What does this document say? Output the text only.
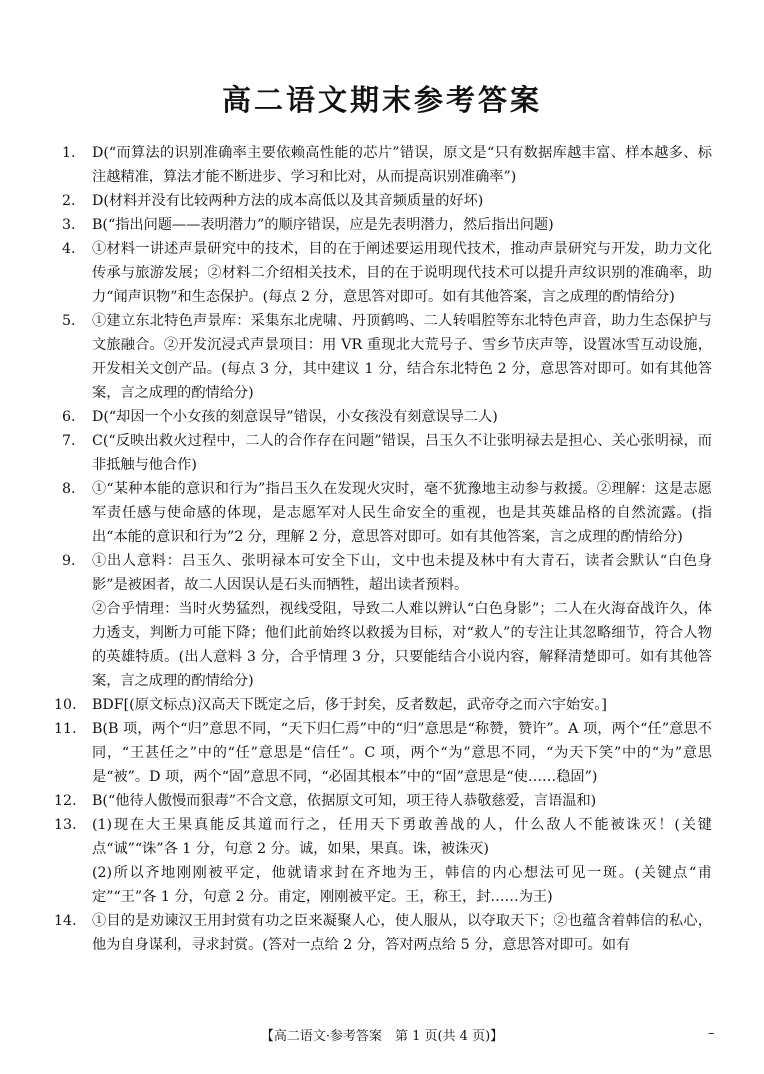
高二语文期末参考答案
1. D(“而算法的识别准确率主要依赖高性能的芯片”错误，原文是“只有数据库越丰富、样本越多、标注越精准，算法才能不断进步、学习和比对，从而提高识别准确率”)

2. D(材料并没有比较两种方法的成本高低以及其音频质量的好坏)

3. B(“指出问题——表明潜力”的顺序错误，应是先表明潜力，然后指出问题)

4. ①材料一讲述声景研究中的技术，目的在于阐述要运用现代技术，推动声景研究与开发，助力文化传承与旅游发展；②材料二介绍相关技术，目的在于说明现代技术可以提升声纹识别的准确率，助力“闻声识物”和生态保护。(每点 2 分，意思答对即可。如有其他答案，言之成理的酌情给分)

5. ①建立东北特色声景库：采集东北虎啸、丹顶鹤鸣、二人转唱腔等东北特色声音，助力生态保护与文旅融合。②开发沉浸式声景项目：用 VR 重现北大荒号子、雪乡节庆声等，设置冰雪互动设施，开发相关文创产品。(每点 3 分，其中建议 1 分，结合东北特色 2 分，意思答对即可。如有其他答案，言之成理的酌情给分)

6. D(“却因一个小女孩的刻意误导”错误，小女孩没有刻意误导二人)

7. C(“反映出救火过程中，二人的合作存在问题”错误，吕玉久不让张明禄去是担心、关心张明禄，而非抵触与他合作)

8. ①“某种本能的意识和行为”指吕玉久在发现火灾时，毫不犹豫地主动参与救援。②理解：这是志愿军责任感与使命感的体现，是志愿军对人民生命安全的重视，也是其英雄品格的自然流露。(指出“本能的意识和行为”2 分，理解 2 分，意思答对即可。如有其他答案，言之成理的酌情给分)

9. ①出人意料：吕玉久、张明禄本可安全下山，文中也未提及林中有大青石，读者会默认“白色身影”是被困者，故二人因误认是石头而牺牲，超出读者预料。

②合乎情理：当时火势猛烈，视线受阻，导致二人难以辨认“白色身影”；二人在火海奋战许久，体力透支，判断力可能下降；他们此前始终以救援为目标，对“救人”的专注让其忽略细节，符合人物的英雄特质。(出人意料 3 分，合乎情理 3 分，只要能结合小说内容，解释清楚即可。如有其他答案，言之成理的酌情给分)

10. BDF[(原文标点)汉高天下既定之后，侈于封矣，反者数起，武帝夺之而六宇始安。]

11. B(B 项，两个“归”意思不同，“天下归仁焉”中的“归”意思是“称赞，赞许”。A 项，两个“任”意思不同，“王甚任之”中的“任”意思是“信任”。C 项，两个“为”意思不同，“为天下笑”中的“为”意思是“被”。D 项，两个“固”意思不同，“必固其根本”中的“固”意思是“使……稳固”)

12. B(“他待人傲慢而狠毒”不合文意，依据原文可知，项王待人恭敬慈爱，言语温和)

13. (1)现在大王果真能反其道而行之，任用天下勇敢善战的人，什么敌人不能被诛灭！(关键点“诚”“诛”各 1 分，句意 2 分。诚，如果，果真。诛，被诛灭)

(2)所以齐地刚刚被平定，他就请求封在齐地为王，韩信的内心想法可见一斑。(关键点“甫定”“王”各 1 分，句意 2 分。甫定，刚刚被平定。王，称王，封……为王)

14. ①目的是劝谏汉王用封赏有功之臣来凝聚人心，使人服从，以夺取天下；②也蕴含着韩信的私心，他为自身谋利，寻求封赏。(答对一点给 2 分，答对两点给 5 分，意思答对即可。如有

【高二语文·参考答案　第 1 页(共 4 页)】	–
